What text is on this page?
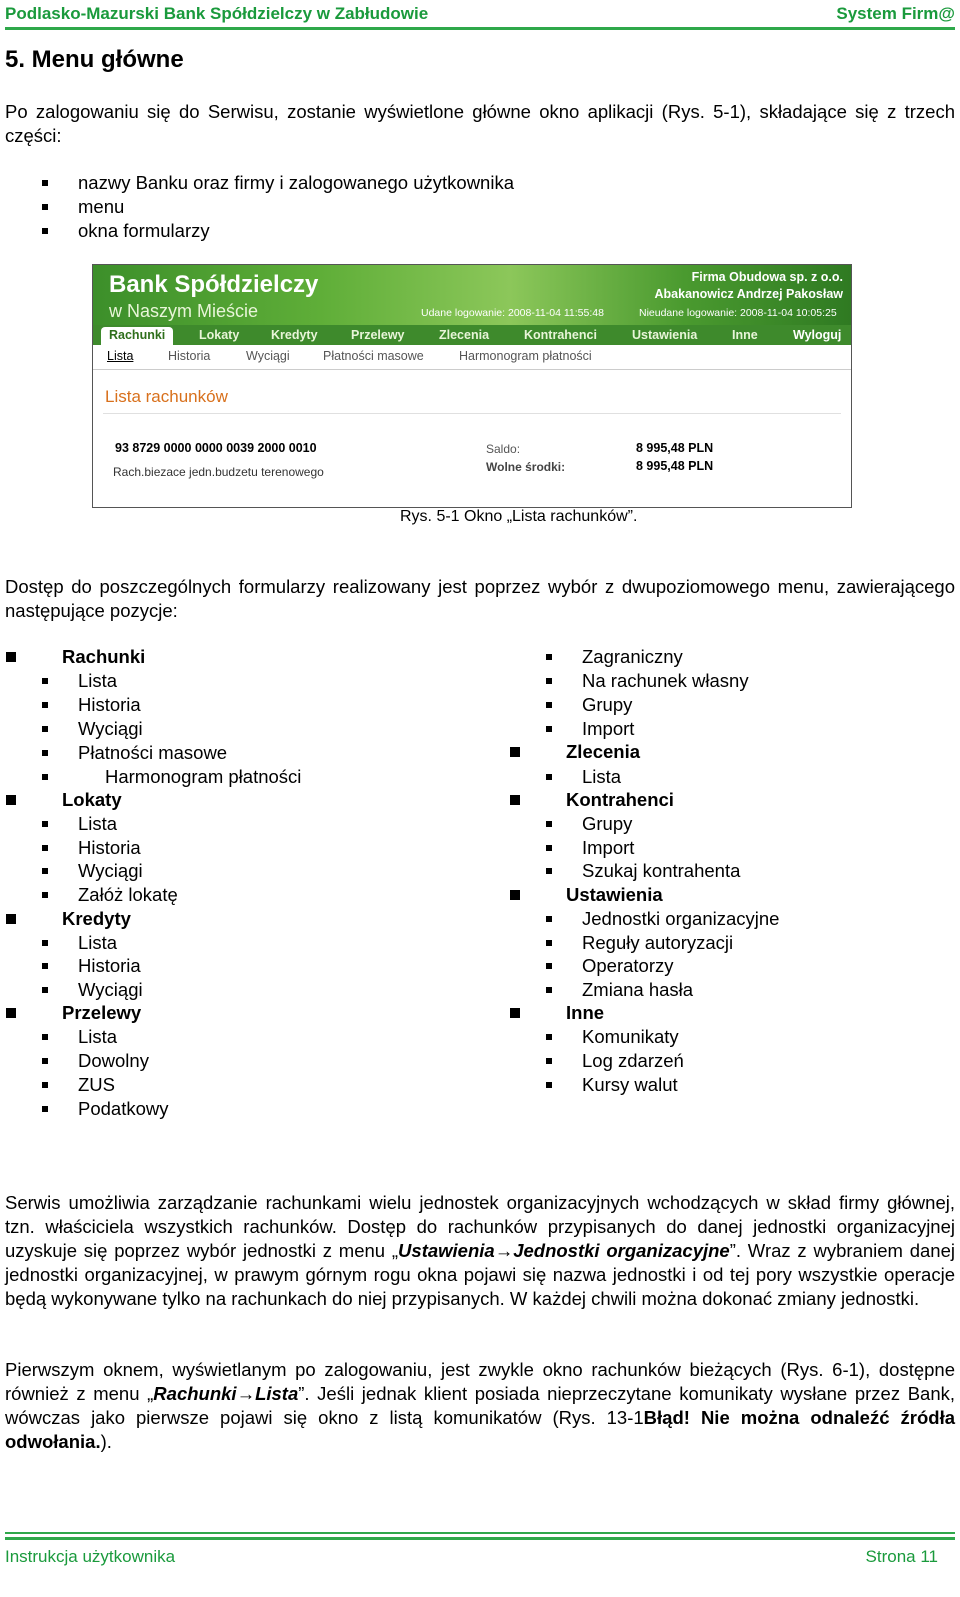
Podlasko-Mazurski Bank Spółdzielczy w Zabłudowie	System Firm@
5. Menu główne
Po zalogowaniu się do Serwisu, zostanie wyświetlone główne okno aplikacji (Rys. 5-1), składające się z trzech części:
nazwy Banku oraz firmy i zalogowanego użytkownika
menu
okna formularzy
Bank Spółdzielczy
w Naszym Mieście
Firma Obudowa sp. z o.o.
Abakanowicz Andrzej Pakosław
Udane logowanie: 2008-11-04 11:55:48	Nieudane logowanie: 2008-11-04 10:05:25
Rachunki	Lokaty	Kredyty	Przelewy	Zlecenia	Kontrahenci	Ustawienia	Inne	Wyloguj
Lista	Historia	Wyciągi	Płatności masowe	Harmonogram płatności
Lista rachunków
93 8729 0000 0000 0039 2000 0010
Rach.biezace jedn.budzetu terenowego
Saldo:	8 995,48 PLN
Wolne środki:	8 995,48 PLN
Rys. 5-1 Okno „Lista rachunków”.
Dostęp do poszczególnych formularzy realizowany jest poprzez wybór z dwupoziomowego menu, zawierającego następujące pozycje:
Rachunki
Lista
Historia
Wyciągi
Płatności masowe
Harmonogram płatności
Lokaty
Lista
Historia
Wyciągi
Załóż lokatę
Kredyty
Lista
Historia
Wyciągi
Przelewy
Lista
Dowolny
ZUS
Podatkowy
Zagraniczny
Na rachunek własny
Grupy
Import
Zlecenia
Lista
Kontrahenci
Grupy
Import
Szukaj kontrahenta
Ustawienia
Jednostki organizacyjne
Reguły autoryzacji
Operatorzy
Zmiana hasła
Inne
Komunikaty
Log zdarzeń
Kursy walut
Serwis umożliwia zarządzanie rachunkami wielu jednostek organizacyjnych wchodzących w skład firmy głównej, tzn. właściciela wszystkich rachunków. Dostęp do rachunków przypisanych do danej jednostki organizacyjnej uzyskuje się poprzez wybór jednostki z menu „Ustawienia→Jednostki organizacyjne”. Wraz z wybraniem danej jednostki organizacyjnej, w prawym górnym rogu okna pojawi się nazwa jednostki i od tej pory wszystkie operacje będą wykonywane tylko na rachunkach do niej przypisanych. W każdej chwili można dokonać zmiany jednostki.
Pierwszym oknem, wyświetlanym po zalogowaniu, jest zwykle okno rachunków bieżących (Rys. 6-1), dostępne również z menu „Rachunki→Lista”. Jeśli jednak klient posiada nieprzeczytane komunikaty wysłane przez Bank, wówczas jako pierwsze pojawi się okno z listą komunikatów (Rys. 13-1Błąd! Nie można odnaleźć źródła odwołania.).
Instrukcja użytkownika	Strona 11
